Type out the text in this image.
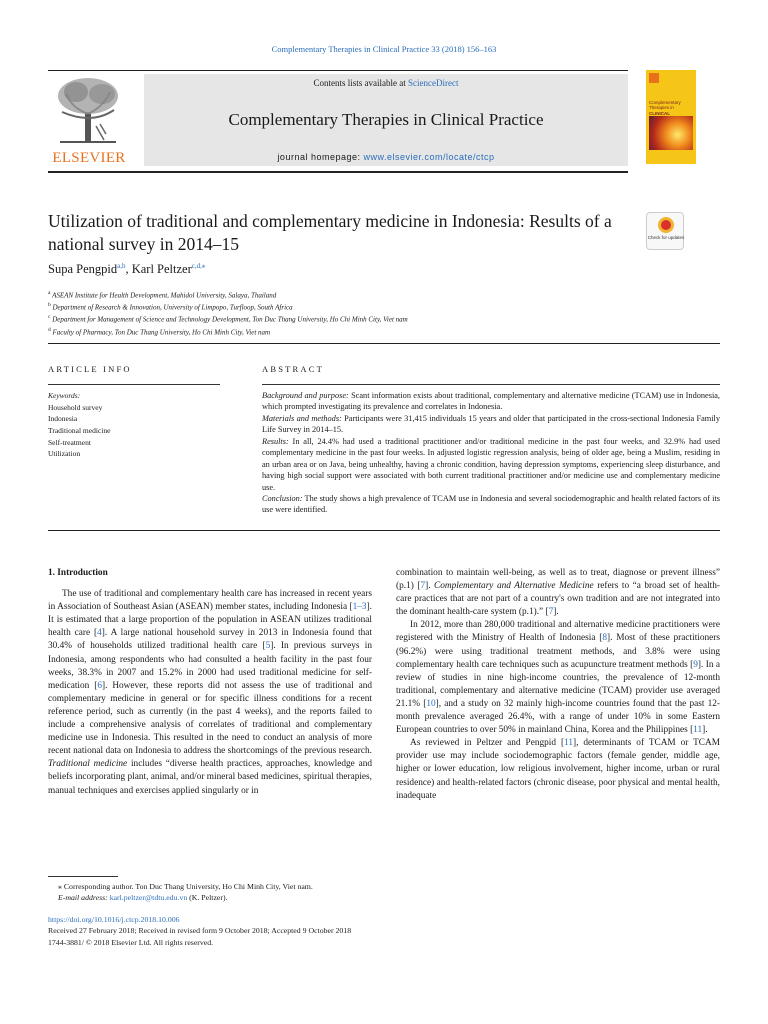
Complementary Therapies in Clinical Practice 33 (2018) 156–163
ELSEVIER
Contents lists available at ScienceDirect
Complementary Therapies in Clinical Practice
journal homepage: www.elsevier.com/locate/ctcp
Complementary Therapies in
CLINICAL
Utilization of traditional and complementary medicine in Indonesia: Results of a national survey in 2014–15	Check for updates
Supa Pengpid$^{a,b}$, Karl Peltzer$^{c,d,⁎}$
$^a$ ASEAN Institute for Health Development, Mahidol University, Salaya, Thailand
$^b$ Department of Research & Innovation, University of Limpopo, Turfloop, South Africa
$^c$ Department for Management of Science and Technology Development, Ton Duc Thang University, Ho Chi Minh City, Viet nam
$^d$ Faculty of Pharmacy, Ton Duc Thang University, Ho Chi Minh City, Viet nam
ARTICLE INFO	ABSTRACT
Keywords:
Household survey
Indonesia
Traditional medicine
Self-treatment
Utilization

Background and purpose: Scant information exists about traditional, complementary and alternative medicine (TCAM) use in Indonesia, which prompted investigating its prevalence and correlates in Indonesia.

Materials and methods: Participants were 31,415 individuals 15 years and older that participated in the cross-sectional Indonesia Family Life Survey in 2014–15.

Results: In all, 24.4% had used a traditional practitioner and/or traditional medicine in the past four weeks, and 32.9% had used complementary medicine in the past four weeks. In adjusted logistic regression analysis, being of older age, being a Muslim, residing in an urban area or on Java, being unhealthy, having a chronic condition, having depression symptoms, experiencing sleep disturbance, and having high social support were associated with both current traditional practitioner and/or medicine use and complementary medicine use.

Conclusion: The study shows a high prevalence of TCAM use in Indonesia and several sociodemographic and health related factors of its use were identified.

1. Introduction

The use of traditional and complementary health care has increased in recent years in Association of Southeast Asian (ASEAN) member states, including Indonesia [1–3]. It is estimated that a large proportion of the population in ASEAN utilizes traditional health care [4]. A large national household survey in 2013 in Indonesia found that 30.4% of households utilized traditional health care [5]. In previous surveys in Indonesia, among respondents who had consulted a health facility in the past four weeks, 38.3% in 2007 and 15.2% in 2000 had used traditional medicine for self-medication [6]. However, these reports did not assess the use of traditional and complementary medicine in general or for specific illness conditions for a recent reference period, such as currently (in the past 4 weeks), and the reports failed to include a comprehensive analysis of correlates of traditional and complementary medicine use in Indonesia. This resulted in the need to conduct an analysis of more recent national data on Indonesia to address the shortcomings of the previous research. Traditional medicine includes “diverse health practices, approaches, knowledge and beliefs incorporating plant, animal, and/or mineral based medicines, spiritual therapies, manual techniques and exercises applied singularly or in

combination to maintain well-being, as well as to treat, diagnose or prevent illness” (p.1) [7]. Complementary and Alternative Medicine refers to “a broad set of health-care practices that are not part of a country's own tradition and are not integrated into the dominant health-care system (p.1).” [7].

In 2012, more than 280,000 traditional and alternative medicine practitioners were registered with the Ministry of Health of Indonesia [8]. Most of these practitioners (96.2%) were using traditional treatment methods, and 3.8% were using complementary health care techniques such as acupuncture treatment methods [9]. In a review of studies in nine high-income countries, the prevalence of 12-month traditional, complementary and alternative medicine (TCAM) provider use averaged 21.1% [10], and a study on 32 mainly high-income countries found that the past 12-month prevalence averaged 26.4%, with a range of under 10% in some Eastern European countries to over 50% in mainland China, Korea and the Philippines [11].

As reviewed in Peltzer and Pengpid [11], determinants of TCAM or TCAM provider use may include sociodemographic factors (female gender, middle age, higher or lower education, low religious involvement, higher income, urban or rural residence) and health-related factors (chronic disease, poor physical and mental health, inadequate

⁎ Corresponding author. Ton Duc Thang University, Ho Chi Minh City, Viet nam.
E-mail address: karl.peltzer@tdtu.edu.vn (K. Peltzer).
https://doi.org/10.1016/j.ctcp.2018.10.006
Received 27 February 2018; Received in revised form 9 October 2018; Accepted 9 October 2018
1744-3881/ © 2018 Elsevier Ltd. All rights reserved.
